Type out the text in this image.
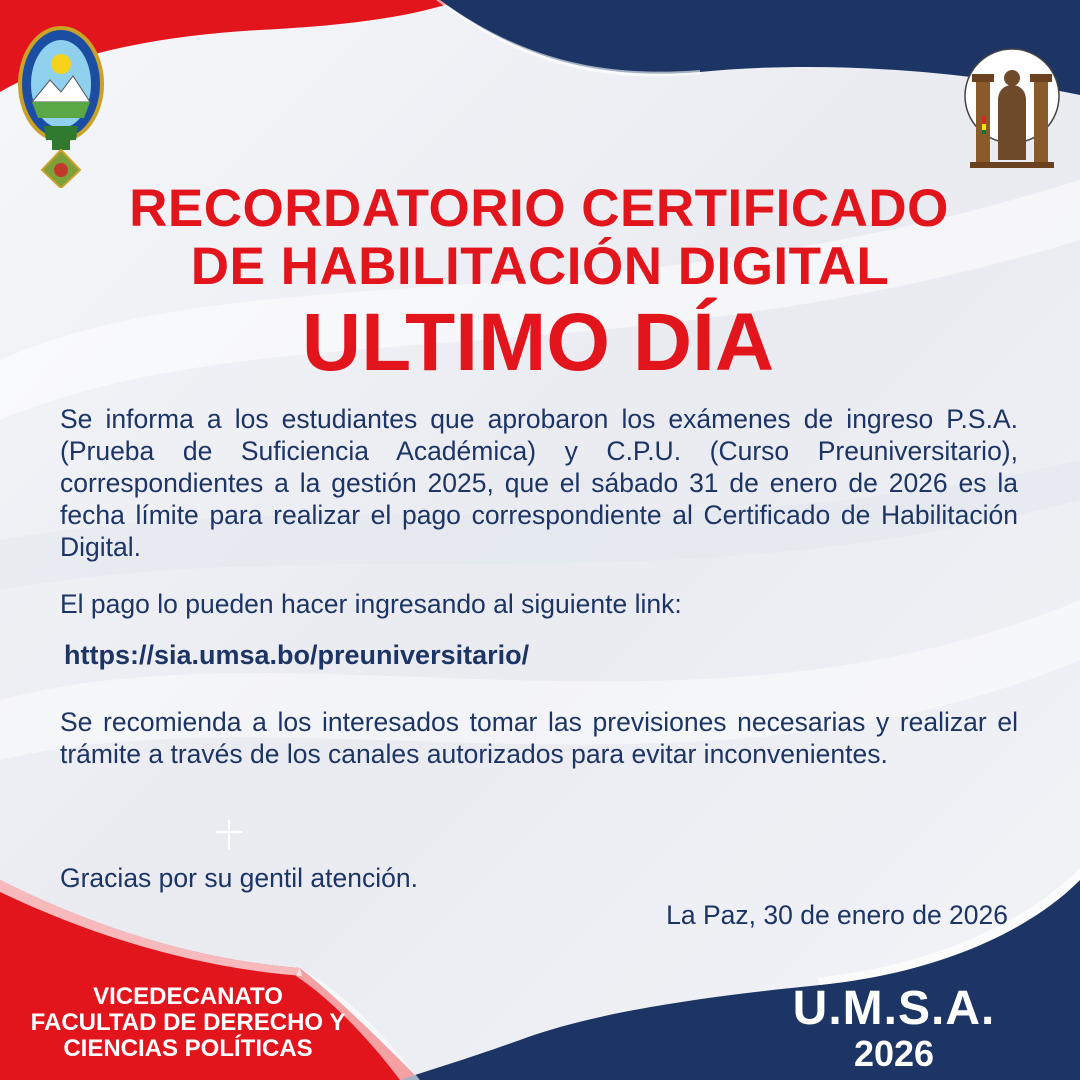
RECORDATORIO CERTIFICADO
DE HABILITACIÓN DIGITAL
ULTIMO DÍA

Se informa a los estudiantes que aprobaron los exámenes de ingreso P.S.A. (Prueba de Suficiencia Académica) y C.P.U. (Curso Preuniversitario), correspondientes a la gestión 2025, que el sábado 31 de enero de 2026 es la fecha límite para realizar el pago correspondiente al Certificado de Habilitación Digital.

El pago lo pueden hacer ingresando al siguiente link:

https://sia.umsa.bo/preuniversitario/

Se recomienda a los interesados tomar las previsiones necesarias y realizar el trámite a través de los canales autorizados para evitar inconvenientes.

Gracias por su gentil atención.

La Paz, 30 de enero de 2026

VICEDECANATO
FACULTAD DE DERECHO Y
CIENCIAS POLÍTICAS
U.M.S.A.
2026
